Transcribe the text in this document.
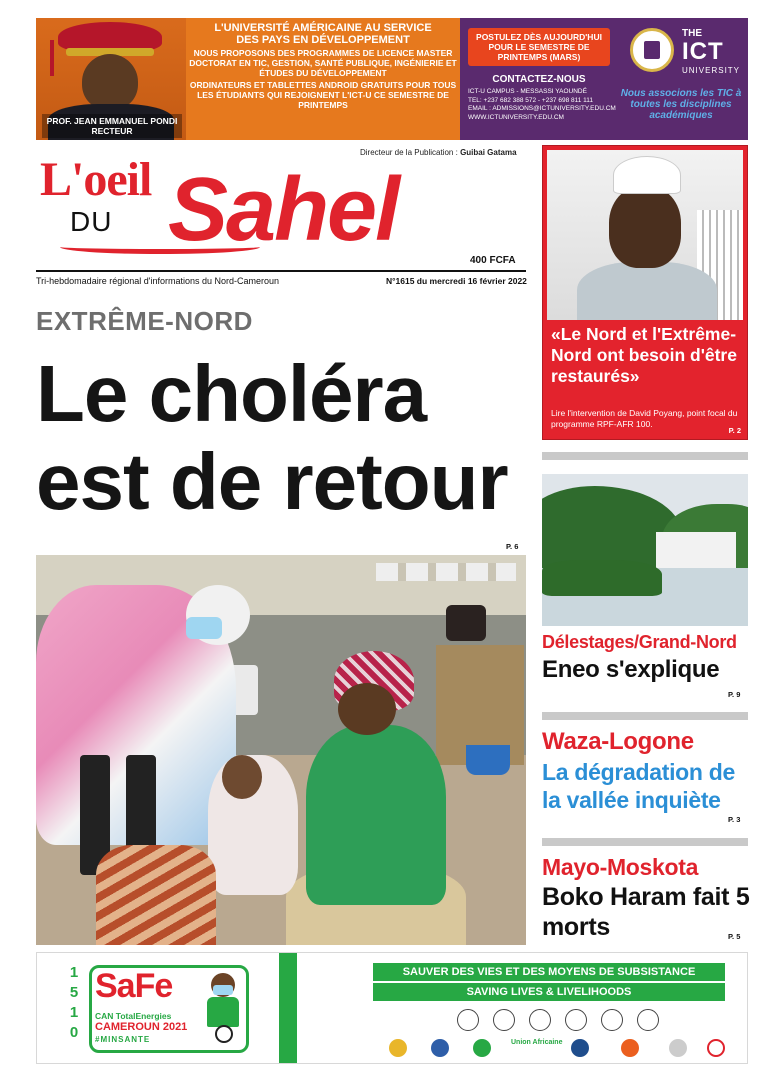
PROF. JEAN EMMANUEL PONDI
RECTEUR
L'UNIVERSITÉ AMÉRICAINE AU SERVICE
DES PAYS EN DÉVELOPPEMENT
NOUS PROPOSONS DES PROGRAMMES DE LICENCE MASTER DOCTORAT EN TIC, GESTION, SANTÉ PUBLIQUE, INGÉNIERIE ET ÉTUDES DU DÉVELOPPEMENT
ORDINATEURS ET TABLETTES ANDROID GRATUITS POUR TOUS LES ÉTUDIANTS QUI REJOIGNENT L'ICT-U CE SEMESTRE DE PRINTEMPS
POSTULEZ DÈS AUJOURD'HUI POUR LE SEMESTRE DE PRINTEMPS (MARS)
CONTACTEZ-NOUS
ICT-U CAMPUS - MESSASSI YAOUNDÉ
TEL: +237 682 388 572 - +237 698 811 111
EMAIL : ADMISSIONS@ICTUNIVERSITY.EDU.CM
WWW.ICTUNIVERSITY.EDU.CM
THE
ICT
UNIVERSITY
Nous associons les TIC à toutes les disciplines académiques
Directeur de la Publication : Guibai Gatama
L'oeil
DU Sahel
400 FCFA
Tri-hebdomadaire régional d'informations du Nord-Cameroun	N°1615 du mercredi 16 février 2022
EXTRÊME-NORD
Le choléra
est de retour
P. 6
«Le Nord et l'Extrême-Nord ont besoin d'être restaurés»
Lire l'intervention de David Poyang, point focal du programme RPF-AFR 100.
P. 2
Délestages/Grand-Nord
Eneo s'explique
P. 9
Waza-Logone
La dégradation de la vallée inquiète
P. 3
Mayo-Moskota
Boko Haram fait 5 morts	P. 5
1
5
1
0
SaFe
CAN TotalEnergies
CAMEROUN 2021
#MINSANTE
SAUVER DES VIES ET DES MOYENS DE SUBSISTANCE
SAVING LIVES & LIVELIHOODS
Union Africaine
